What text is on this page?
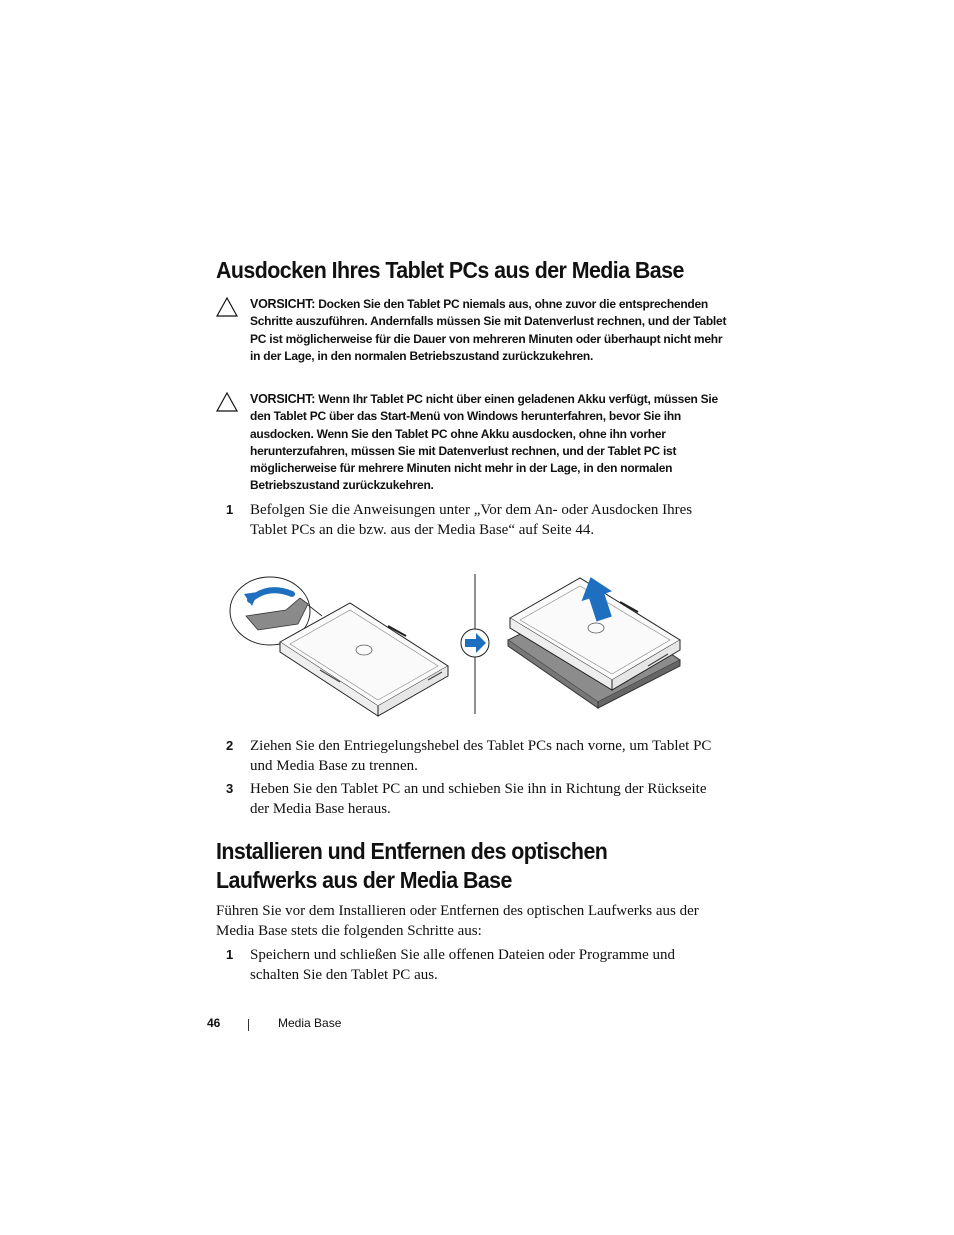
Ausdocken Ihres Tablet PCs aus der Media Base
VORSICHT: Docken Sie den Tablet PC niemals aus, ohne zuvor die entsprechenden Schritte auszuführen. Andernfalls müssen Sie mit Datenverlust rechnen, und der Tablet PC ist möglicherweise für die Dauer von mehreren Minuten oder überhaupt nicht mehr in der Lage, in den normalen Betriebszustand zurückzukehren.
VORSICHT: Wenn Ihr Tablet PC nicht über einen geladenen Akku verfügt, müssen Sie den Tablet PC über das Start-Menü von Windows herunterfahren, bevor Sie ihn ausdocken. Wenn Sie den Tablet PC ohne Akku ausdocken, ohne ihn vorher herunterzufahren, müssen Sie mit Datenverlust rechnen, und der Tablet PC ist möglicherweise für mehrere Minuten nicht mehr in der Lage, in den normalen Betriebszustand zurückzukehren.
1 Befolgen Sie die Anweisungen unter „Vor dem An- oder Ausdocken Ihres Tablet PCs an die bzw. aus der Media Base“ auf Seite 44.
2 Ziehen Sie den Entriegelungshebel des Tablet PCs nach vorne, um Tablet PC und Media Base zu trennen.
3 Heben Sie den Tablet PC an und schieben Sie ihn in Richtung der Rückseite der Media Base heraus.
Installieren und Entfernen des optischen
Laufwerks aus der Media Base
Führen Sie vor dem Installieren oder Entfernen des optischen Laufwerks aus der Media Base stets die folgenden Schritte aus:
1 Speichern und schließen Sie alle offenen Dateien oder Programme und schalten Sie den Tablet PC aus.
46	Media Base
